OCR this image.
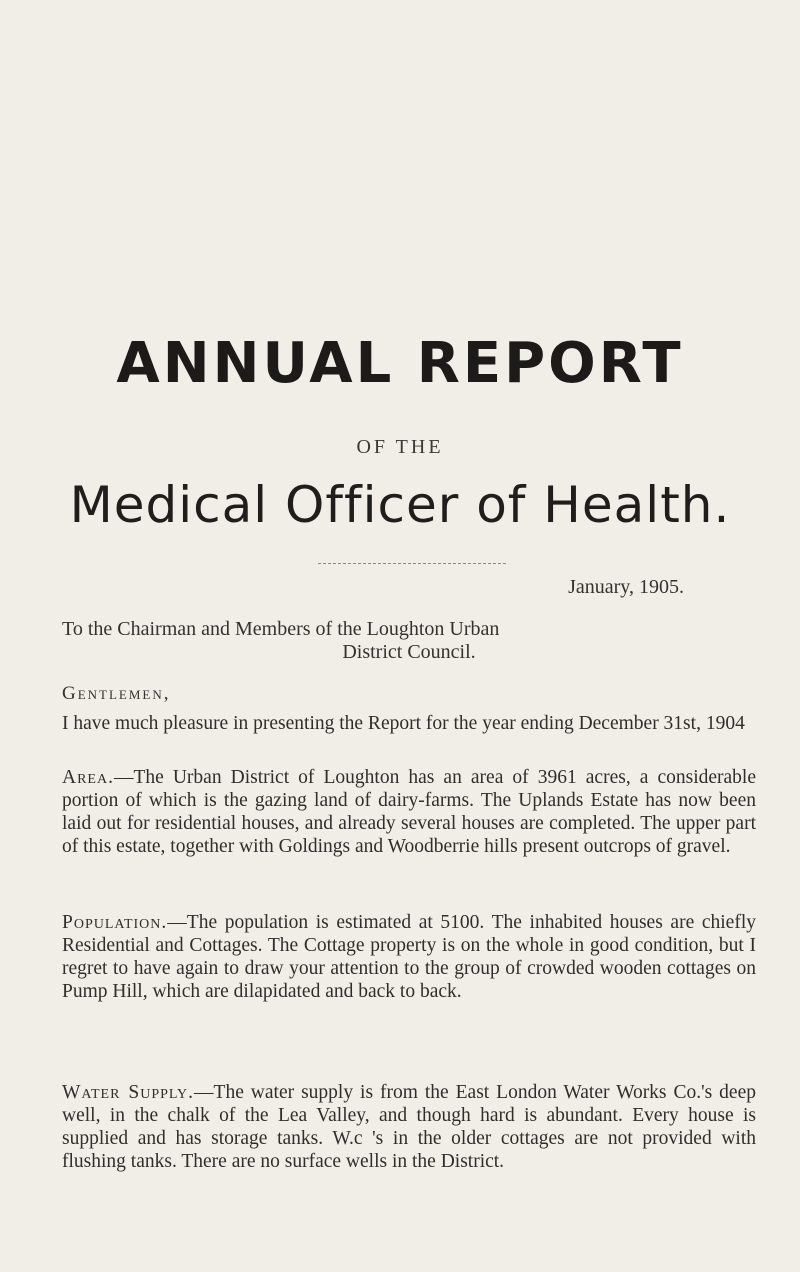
ANNUAL REPORT
OF THE
Medical Officer of Health.
January, 1905.
To the Chairman and Members of the Loughton Urban
District Council.
Gentlemen,
I have much pleasure in presenting the Report for the year ending December 31st, 1904
Area.—The Urban District of Loughton has an area of 3961 acres, a considerable portion of which is the gazing land of dairy-farms. The Uplands Estate has now been laid out for residential houses, and already several houses are completed. The upper part of this estate, together with Goldings and Woodberrie hills present outcrops of gravel.
Population.—The population is estimated at 5100. The inhabited houses are chiefly Residential and Cottages. The Cottage property is on the whole in good condition, but I regret to have again to draw your attention to the group of crowded wooden cottages on Pump Hill, which are dilapidated and back to back.
Water Supply.—The water supply is from the East London Water Works Co.'s deep well, in the chalk of the Lea Valley, and though hard is abundant. Every house is supplied and has storage tanks. W.c 's in the older cottages are not provided with flushing tanks. There are no surface wells in the District.
